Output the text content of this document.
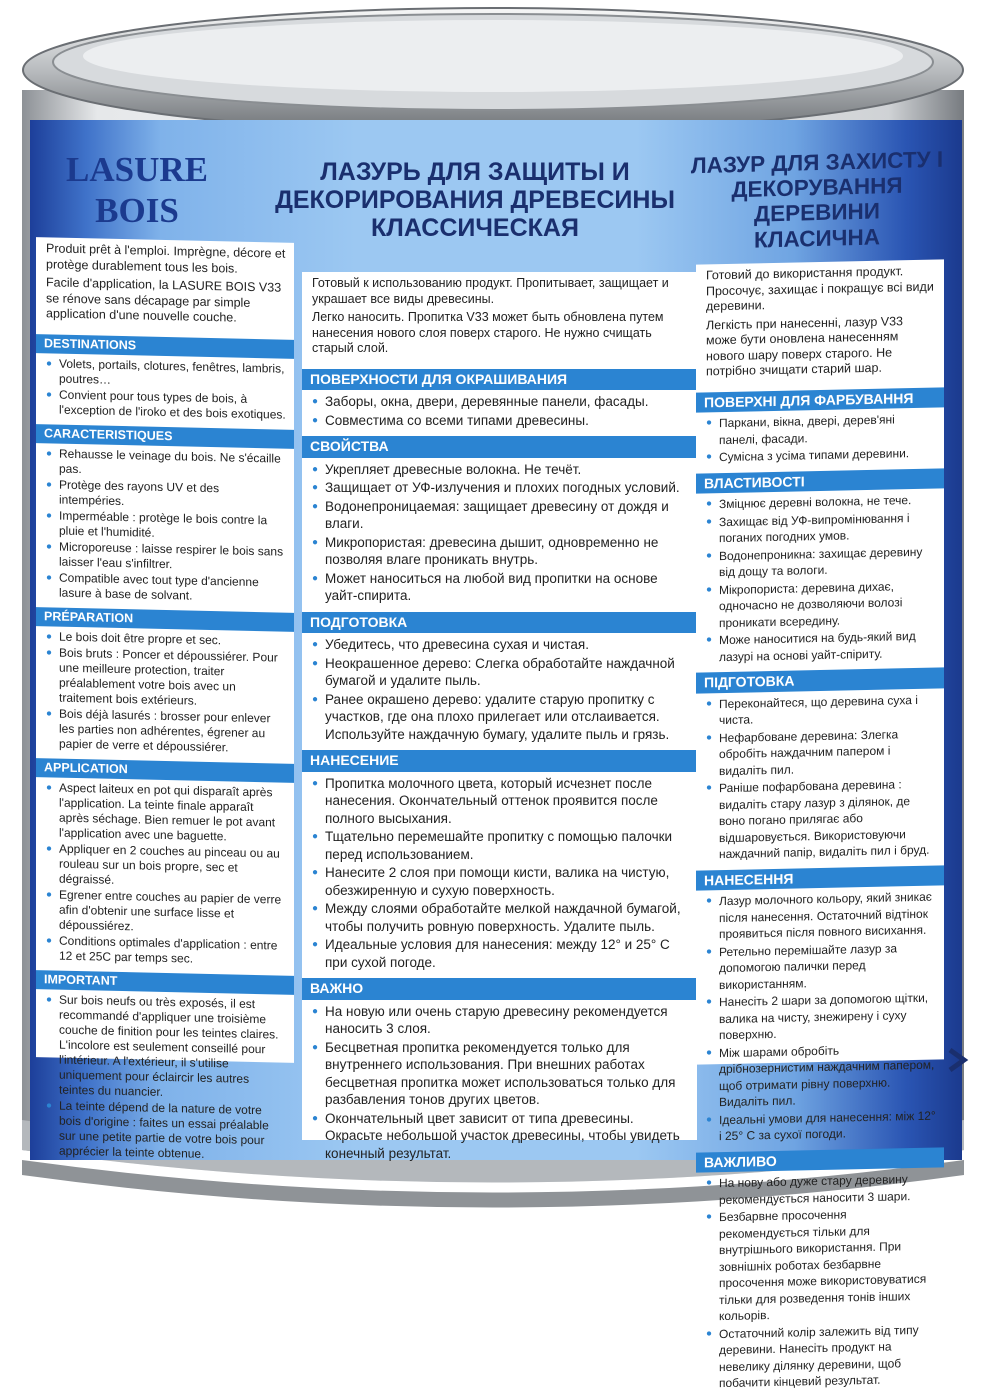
LASURE
BOIS
ЛАЗУРЬ ДЛЯ ЗАЩИТЫ И
ДЕКОРИРОВАНИЯ ДРЕВЕСИНЫ
КЛАССИЧЕСКАЯ
ЛАЗУР ДЛЯ ЗАХИСТУ І
ДЕКОРУВАННЯ ДЕРЕВИНИ
КЛАСИЧНА

Produit prêt à l'emploi. Imprègne, décore et protège durablement tous les bois.

Facile d'application, la LASURE BOIS V33 se rénove sans décapage par simple application d'une nouvelle couche.

DESTINATIONS
● Volets, portails, clotures, fenêtres, lambris, poutres…
● Convient pour tous types de bois, à l'exception de l'iroko et des bois exotiques.
CARACTERISTIQUES
● Rehausse le veinage du bois. Ne s'écaille pas.
● Protège des rayons UV et des intempéries.
● Imperméable : protège le bois contre la pluie et l'humidité.
● Microporeuse : laisse respirer le bois sans laisser l'eau s'infiltrer.
● Compatible avec tout type d'ancienne lasure à base de solvant.
PRÉPARATION
● Le bois doit être propre et sec.
● Bois bruts : Poncer et dépoussiérer. Pour une meilleure protection, traiter préalablement votre bois avec un traitement bois extérieurs.
● Bois déjà lasurés : brosser pour enlever les parties non adhérentes, égrener au papier de verre et dépoussiérer.
APPLICATION
● Aspect laiteux en pot qui disparaît après l'application. La teinte finale apparaît après séchage. Bien remuer le pot avant l'application avec une baguette.
● Appliquer en 2 couches au pinceau ou au rouleau sur un bois propre, sec et dégraissé.
● Egrener entre couches au papier de verre afin d'obtenir une surface lisse et dépoussiérez.
● Conditions optimales d'application : entre 12 et 25C par temps sec.
IMPORTANT
● Sur bois neufs ou très exposés, il est recommandé d'appliquer une troisième couche de finition pour les teintes claires. L'incolore est seulement conseillé pour l'intérieur. A l'extérieur, il s'utilise uniquement pour éclaircir les autres teintes du nuancier.
● La teinte dépend de la nature de votre bois d'origine : faites un essai préalable sur une petite partie de votre bois pour apprécier la teinte obtenue.

Готовый к использованию продукт. Пропитывает, защищает и украшает все виды древесины.

Легко наносить. Пропитка V33 может быть обновлена путем нанесения нового слоя поверх старого. Не нужно счищать старый слой.

ПОВЕРХНОСТИ ДЛЯ ОКРАШИВАНИЯ
● Заборы, окна, двери, деревянные панели, фасады.
● Совместима со всеми типами древесины.
СВОЙСТВА
● Укрепляет древесные волокна. Не течёт.
● Защищает от УФ-излучения и плохих погодных условий.
● Водонепроницаемая: защищает древесину от дождя и влаги.
● Микропористая: древесина дышит, одновременно не позволяя влаге проникать внутрь.
● Может наноситься на любой вид пропитки на основе уайт-спирита.
ПОДГОТОВКА
● Убедитесь, что древесина сухая и чистая.
● Неокрашенное дерево: Слегка обработайте наждачной бумагой и удалите пыль.
● Ранее окрашено дерево: удалите старую пропитку с участков, где она плохо прилегает или отслаивается. Используйте наждачную бумагу, удалите пыль и грязь.
НАНЕСЕНИЕ
● Пропитка молочного цвета, который исчезнет после нанесения. Окончательный оттенок проявится после полного высыхания.
● Тщательно перемешайте пропитку с помощью палочки перед использованием.
● Нанесите 2 слоя при помощи кисти, валика на чистую, обезжиренную и сухую поверхность.
● Между слоями обработайте мелкой наждачной бумагой, чтобы получить ровную поверхность. Удалите пыль.
● Идеальные условия для нанесения: между 12° и 25° С при сухой погоде.
ВАЖНО
● На новую или очень старую древесину рекомендуется наносить 3 слоя.
● Бесцветная пропитка рекомендуется только для внутреннего использования. При внешних работах бесцветная пропитка может использоваться только для разбавления тонов других цветов.
● Окончательный цвет зависит от типа древесины. Окрасьте небольшой участок древесины, чтобы увидеть конечный результат.

Готовий до використання продукт. Просочує, захищає і покращує всі види деревини.

Легкість при нанесенні, лазур V33 може бути оновлена нанесенням нового шару поверх старого. Не потрібно зчищати старий шар.

ПОВЕРХНІ ДЛЯ ФАРБУВАННЯ
● Паркани, вікна, двері, дерев'яні панелі, фасади.
● Сумісна з усіма типами деревини.
ВЛАСТИВОСТІ
● Зміцнює деревні волокна, не тече.
● Захищає від УФ-випромінювання і поганих погодних умов.
● Водонепроникна: захищає деревину від дощу та вологи.
● Мікропориста: деревина дихає, одночасно не дозволяючи волозі проникати всередину.
● Може наноситися на будь-який вид лазурі на основі уайт-спіриту.
ПІДГОТОВКА
● Переконайтеся, що деревина суха і чиста.
● Нефарбоване деревина: Злегка обробіть наждачним папером і видаліть пил.
● Раніше пофарбована деревина : видаліть стару лазур з ділянок, де воно погано прилягає або відшаровується. Використовуючи наждачний папір, видаліть пил і бруд.
НАНЕСЕННЯ
● Лазур молочного кольору, який зникає після нанесення. Остаточний відтінок проявиться після повного висихання.
● Ретельно перемішайте лазур за допомогою палички перед використанням.
● Нанесіть 2 шари за допомогою щітки, валика на чисту, знежирену і суху поверхню.
● Між шарами обробіть дрібнозернистим наждачним папером, щоб отримати рівну поверхню. Видаліть пил.
● Ідеальні умови для нанесення: між 12° і 25° С за сухої погоди.
ВАЖЛИВО
● На нову або дуже стару деревину рекомендується наносити 3 шари.
● Безбарвне просочення рекомендується тільки для внутрішнього використання. При зовнішніх роботах безбарвне просочення може використовуватися тільки для розведення тонів інших кольорів.
● Остаточний колір залежить від типу деревини. Нанесіть продукт на невелику ділянку деревини, щоб побачити кінцевий результат.
